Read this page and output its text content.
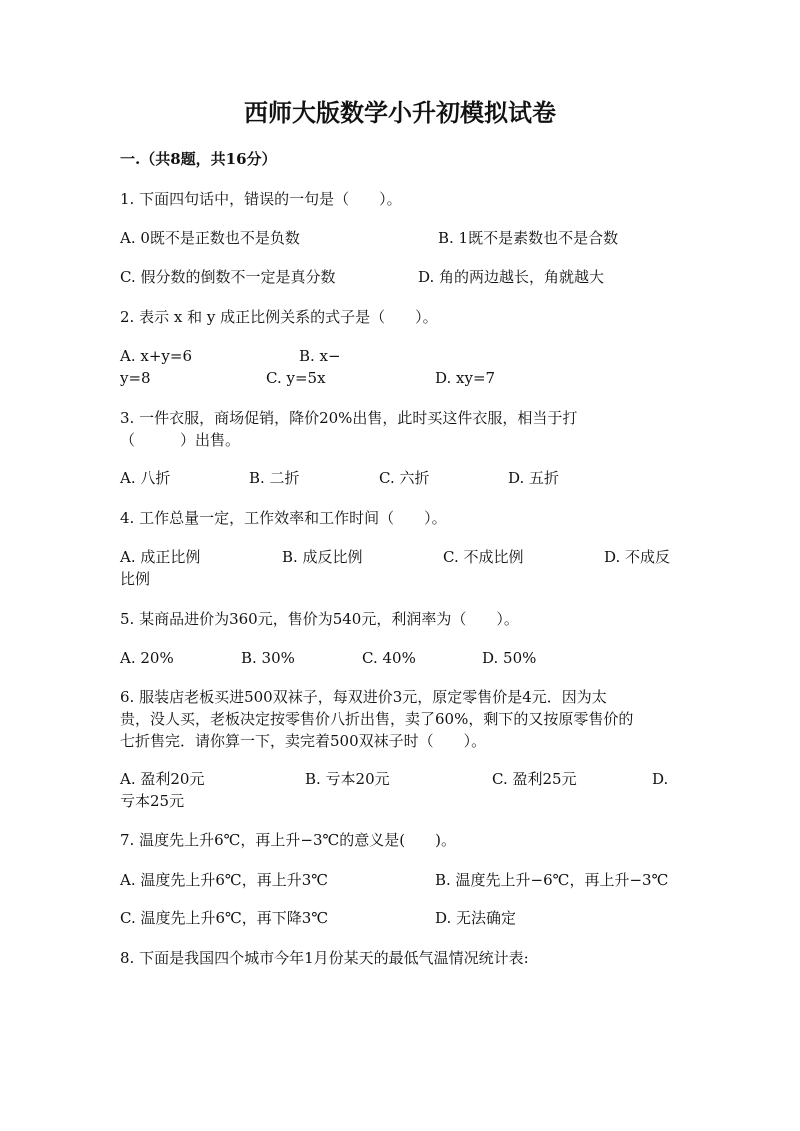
西师大版数学小升初模拟试卷
一.（共8题，共16分）
1. 下面四句话中，错误的一句是（　　）。
A. 0既不是正数也不是负数	B. 1既不是素数也不是合数
C. 假分数的倒数不一定是真分数	D. 角的两边越长，角就越大
2. 表示 x 和 y 成正比例关系的式子是（　　）。
A. x+y=6	B. x−
y=8	C. y=5x	D. xy=7
3. 一件衣服，商场促销，降价20%出售，此时买这件衣服，相当于打
（　　　）出售。
A. 八折	B. 二折	C. 六折	D. 五折
4. 工作总量一定，工作效率和工作时间（　　）。
A. 成正比例	B. 成反比例	C. 不成比例	D. 不成反
比例
5. 某商品进价为360元，售价为540元，利润率为（　　）。
A. 20%	B. 30%	C. 40%	D. 50%
6. 服装店老板买进500双袜子，每双进价3元，原定零售价是4元．因为太
贵，没人买，老板决定按零售价八折出售，卖了60%，剩下的又按原零售价的
七折售完．请你算一下，卖完着500双袜子时（　　）。
A. 盈利20元	B. 亏本20元	C. 盈利25元	D.
亏本25元
7. 温度先上升6℃，再上升−3℃的意义是(　　)。
A. 温度先上升6℃，再上升3℃	B. 温度先上升−6℃，再上升−3℃
C. 温度先上升6℃，再下降3℃	D. 无法确定
8. 下面是我国四个城市今年1月份某天的最低气温情况统计表:
